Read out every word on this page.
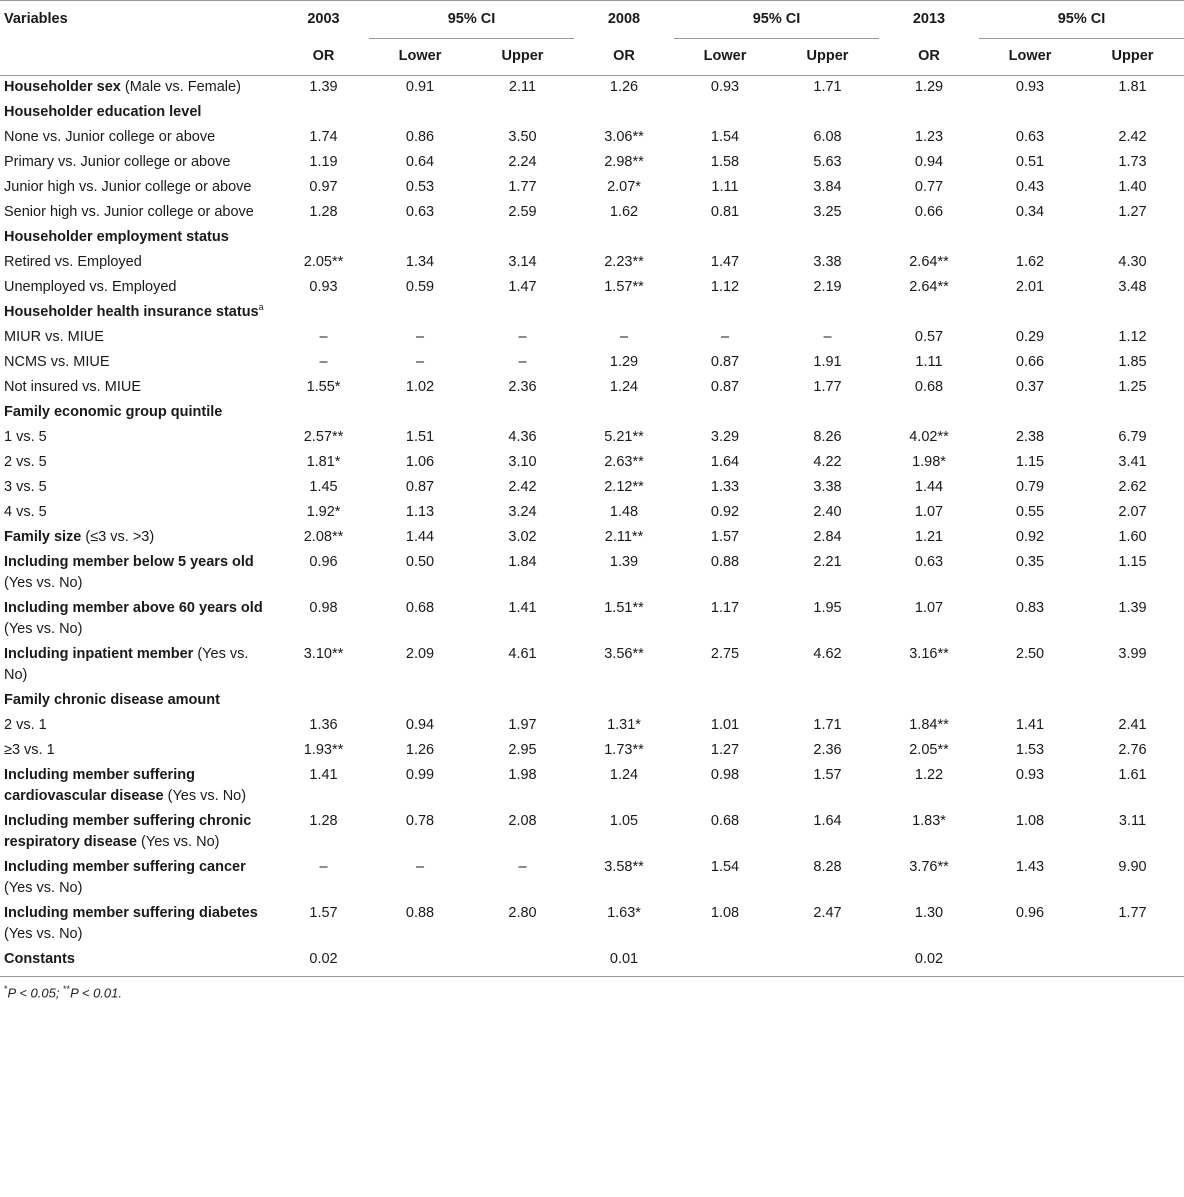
Variables	2003	95% CI		2008	95% CI		2013	95% CI	

	OR	Lower	Upper	OR	Lower	Upper	OR	Lower	Upper
Householder sex (Male vs. Female)	1.39	0.91	2.11	1.26	0.93	1.71	1.29	0.93	1.81
Householder education level									
None vs. Junior college or above	1.74	0.86	3.50	3.06**	1.54	6.08	1.23	0.63	2.42
Primary vs. Junior college or above	1.19	0.64	2.24	2.98**	1.58	5.63	0.94	0.51	1.73
Junior high vs. Junior college or above	0.97	0.53	1.77	2.07*	1.11	3.84	0.77	0.43	1.40
Senior high vs. Junior college or above	1.28	0.63	2.59	1.62	0.81	3.25	0.66	0.34	1.27
Householder employment status									
Retired vs. Employed	2.05**	1.34	3.14	2.23**	1.47	3.38	2.64**	1.62	4.30
Unemployed vs. Employed	0.93	0.59	1.47	1.57**	1.12	2.19	2.64**	2.01	3.48
Householder health insurance status$^a$									
MIUR vs. MIUE	–	–	–	–	–	–	0.57	0.29	1.12
NCMS vs. MIUE	–	–	–	1.29	0.87	1.91	1.11	0.66	1.85
Not insured vs. MIUE	1.55*	1.02	2.36	1.24	0.87	1.77	0.68	0.37	1.25
Family economic group quintile									
1 vs. 5	2.57**	1.51	4.36	5.21**	3.29	8.26	4.02**	2.38	6.79
2 vs. 5	1.81*	1.06	3.10	2.63**	1.64	4.22	1.98*	1.15	3.41
3 vs. 5	1.45	0.87	2.42	2.12**	1.33	3.38	1.44	0.79	2.62
4 vs. 5	1.92*	1.13	3.24	1.48	0.92	2.40	1.07	0.55	2.07
Family size (≤3 vs. >3)	2.08**	1.44	3.02	2.11**	1.57	2.84	1.21	0.92	1.60
Including member below 5 years old (Yes vs. No)	0.96	0.50	1.84	1.39	0.88	2.21	0.63	0.35	1.15
Including member above 60 years old (Yes vs. No)	0.98	0.68	1.41	1.51**	1.17	1.95	1.07	0.83	1.39
Including inpatient member (Yes vs. No)	3.10**	2.09	4.61	3.56**	2.75	4.62	3.16**	2.50	3.99
Family chronic disease amount									
2 vs. 1	1.36	0.94	1.97	1.31*	1.01	1.71	1.84**	1.41	2.41
≥3 vs. 1	1.93**	1.26	2.95	1.73**	1.27	2.36	2.05**	1.53	2.76
Including member suffering cardiovascular disease (Yes vs. No)	1.41	0.99	1.98	1.24	0.98	1.57	1.22	0.93	1.61
Including member suffering chronic respiratory disease (Yes vs. No)	1.28	0.78	2.08	1.05	0.68	1.64	1.83*	1.08	3.11
Including member suffering cancer (Yes vs. No)	–	–	–	3.58**	1.54	8.28	3.76**	1.43	9.90
Including member suffering diabetes (Yes vs. No)	1.57	0.88	2.80	1.63*	1.08	2.47	1.30	0.96	1.77
Constants	0.02			0.01			0.02		
*P < 0.05; **P < 0.01.
